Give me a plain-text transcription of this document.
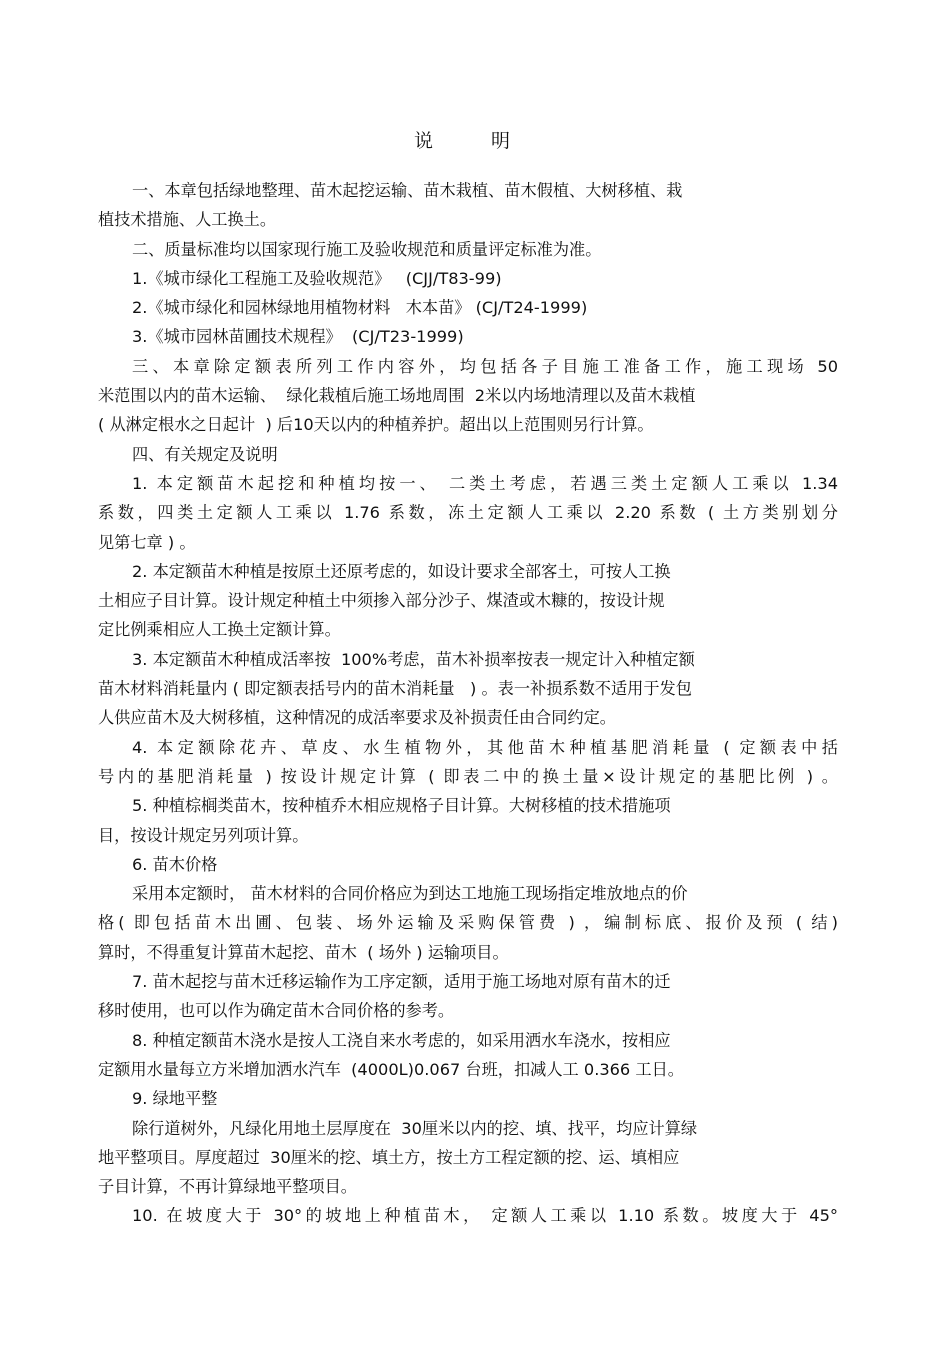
说	明
一、本章包括绿地整理、苗木起挖运输、苗木栽植、苗木假植、大树移植、栽
植技术措施、人工换土。
二、质量标准均以国家现行施工及验收规范和质量评定标准为准。
1.《城市绿化工程施工及验收规范》   (CJJ/T83-99)
2.《城市绿化和园林绿地用植物材料   木本苗》 (CJ/T24-1999)
3.《城市园林苗圃技术规程》  (CJ/T23-1999)
三、本章除定额表所列工作内容外，均包括各子目施工准备工作，施工现场 50
米范围以内的苗木运输、  绿化栽植后施工场地周围  2米以内场地清理以及苗木栽植
( 从淋定根水之日起计  ) 后10天以内的种植养护。超出以上范围则另行计算。
四、有关规定及说明
1. 本定额苗木起挖和种植均按一、 二类土考虑，若遇三类土定额人工乘以 1.34
系数，四类土定额人工乘以 1.76 系数，冻土定额人工乘以 2.20 系数 ( 土方类别划分
见第七章 ) 。
2. 本定额苗木种植是按原土还原考虑的，如设计要求全部客土，可按人工换
土相应子目计算。设计规定种植土中须掺入部分沙子、煤渣或木糠的，按设计规
定比例乘相应人工换土定额计算。
3. 本定额苗木种植成活率按  100%考虑，苗木补损率按表一规定计入种植定额
苗木材料消耗量内 ( 即定额表括号内的苗木消耗量   ) 。表一补损系数不适用于发包
人供应苗木及大树移植，这种情况的成活率要求及补损责任由合同约定。
4. 本定额除花卉、草皮、水生植物外，其他苗木种植基肥消耗量 ( 定额表中括
号内的基肥消耗量 ) 按设计规定计算 ( 即表二中的换土量×设计规定的基肥比例 ) 。
5. 种植棕榈类苗木，按种植乔木相应规格子目计算。大树移植的技术措施项
目，按设计规定另列项计算。
6. 苗木价格
采用本定额时， 苗木材料的合同价格应为到达工地施工现场指定堆放地点的价
格( 即包括苗木出圃、包装、场外运输及采购保管费 ) ，编制标底、报价及预 ( 结)
算时，不得重复计算苗木起挖、苗木  ( 场外 ) 运输项目。
7. 苗木起挖与苗木迁移运输作为工序定额，适用于施工场地对原有苗木的迁
移时使用，也可以作为确定苗木合同价格的参考。
8. 种植定额苗木浇水是按人工浇自来水考虑的，如采用洒水车浇水，按相应
定额用水量每立方米增加洒水汽车  (4000L)0.067 台班，扣减人工 0.366 工日。
9. 绿地平整
除行道树外，凡绿化用地土层厚度在  30厘米以内的挖、填、找平，均应计算绿
地平整项目。厚度超过  30厘米的挖、填土方，按土方工程定额的挖、运、填相应
子目计算，不再计算绿地平整项目。
10. 在坡度大于 30°的坡地上种植苗木， 定额人工乘以 1.10 系数。坡度大于 45°
